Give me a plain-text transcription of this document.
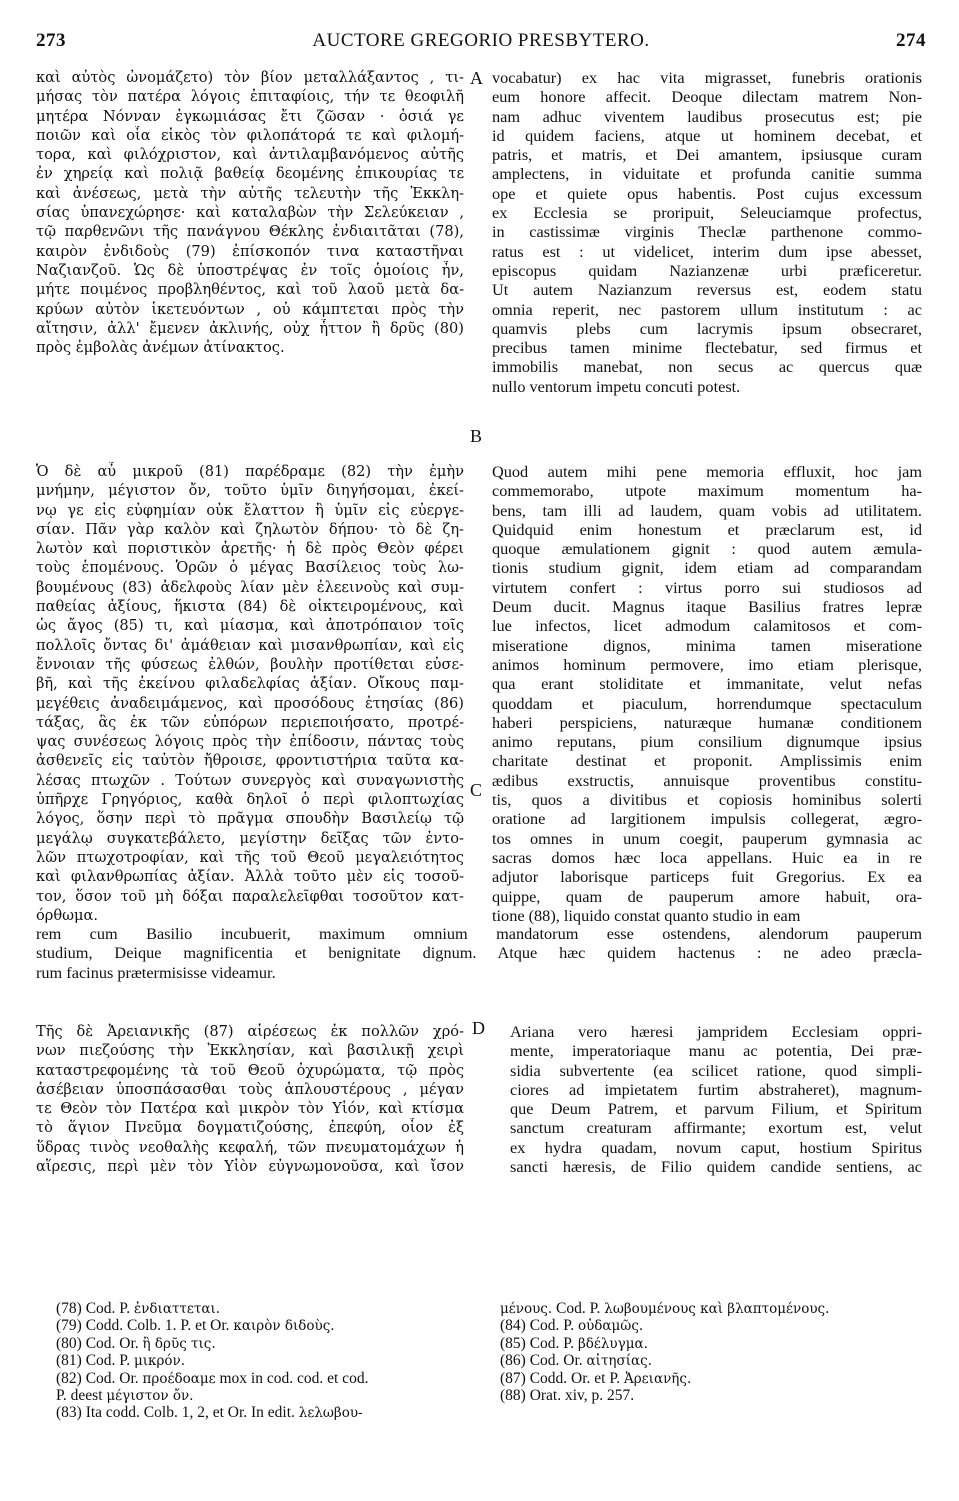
273	AUCTORE GREGORIO PRESBYTERO.	274
A
B
C
D
καὶ αὐτὸς ὠνομάζετο) τὸν βίον μεταλλάξαντος , τι-
μήσας τὸν πατέρα λόγοις ἐπιταφίοις, τήν τε θεοφιλῆ
μητέρα Νόνναν ἐγκωμιάσας ἔτι ζῶσαν · ὁσιά γε
ποιῶν καὶ οἷα εἰκὸς τὸν φιλοπάτορά τε καὶ φιλομή-
τορα, καὶ φιλόχριστον, καὶ ἀντιλαμβανόμενος αὐτῆς
ἐν χηρείᾳ καὶ πολιᾷ βαθείᾳ δεομένης ἐπικουρίας τε
καὶ ἀνέσεως, μετὰ τὴν αὐτῆς τελευτὴν τῆς Ἐκκλη-
σίας ὑπανεχώρησε· καὶ καταλαβὼν τὴν Σελεύκειαν ,
τῷ παρθενῶνι τῆς πανάγνου Θέκλης ἐνδιαιτᾶται (78),
καιρὸν ἐνδιδοὺς (79) ἐπίσκοπόν τινα καταστῆναι
Ναζιανζοῦ. Ὡς δὲ ὑποστρέψας ἐν τοῖς ὁμοίοις ἦν,
μήτε ποιμένος προβληθέντος, καὶ τοῦ λαοῦ μετὰ δα-
κρύων αὐτὸν ἱκετευόντων , οὐ κάμπτεται πρὸς τὴν
αἴτησιν, ἀλλ' ἔμενεν ἀκλινής, οὐχ ἧττον ἢ δρῦς (80)
πρὸς ἐμβολὰς ἀνέμων ἀτίνακτος.
vocabatur) ex hac vita migrasset, funebris orationis
eum honore affecit. Deoque dilectam matrem Non-
nam adhuc viventem laudibus prosecutus est; pie
id quidem faciens, atque ut hominem decebat, et
patris, et matris, et Dei amantem, ipsiusque curam
amplectens, in viduitate et profunda canitie summa
ope et quiete opus habentis. Post cujus excessum
ex Ecclesia se proripuit, Seleuciamque profectus,
in castissimæ virginis Theclæ parthenone commo-
ratus est : ut videlicet, interim dum ipse abesset,
episcopus quidam Nazianzenæ urbi præficeretur.
Ut autem Nazianzum reversus est, eodem statu
omnia reperit, nec pastorem ullum institutum : ac
quamvis plebs cum lacrymis ipsum obsecraret,
precibus tamen minime flectebatur, sed firmus et
immobilis manebat, non secus ac quercus quæ
nullo ventorum impetu concuti potest.
Ὁ δὲ αὖ μικροῦ (81) παρέδραμε (82) τὴν ἐμὴν
μνήμην, μέγιστον ὄν, τοῦτο ὑμῖν διηγήσομαι, ἐκεί-
νῳ γε εἰς εὐφημίαν οὐκ ἔλαττον ἢ ὑμῖν εἰς εὐεργε-
σίαν. Πᾶν γὰρ καλὸν καὶ ζηλωτὸν δήπου· τὸ δὲ ζη-
λωτὸν καὶ ποριστικὸν ἀρετῆς· ἡ δὲ πρὸς Θεὸν φέρει
τοὺς ἑπομένους. Ὁρῶν ὁ μέγας Βασίλειος τοὺς λω-
βουμένους (83) ἀδελφοὺς λίαν μὲν ἐλεεινοὺς καὶ συμ-
παθείας ἀξίους, ἥκιστα (84) δὲ οἰκτειρομένους, καὶ
ὡς ἄγος (85) τι, καὶ μίασμα, καὶ ἀποτρόπαιον τοῖς
πολλοῖς ὄντας δι' ἀμάθειαν καὶ μισανθρωπίαν, καὶ εἰς
ἔννοιαν τῆς φύσεως ἐλθών, βουλὴν προτίθεται εὐσε-
βῆ, καὶ τῆς ἐκείνου φιλαδελφίας ἀξίαν. Οἴκους παμ-
μεγέθεις ἀναδειμάμενος, καὶ προσόδους ἐτησίας (86)
τάξας, ἃς ἐκ τῶν εὐπόρων περιεποιήσατο, προτρέ-
ψας συνέσεως λόγοις πρὸς τὴν ἐπίδοσιν, πάντας τοὺς
ἀσθενεῖς εἰς ταὐτὸν ἤθροισε, φροντιστήρια ταῦτα κα-
λέσας πτωχῶν . Τούτων συνεργὸς καὶ συναγωνιστὴς
ὑπῆρχε Γρηγόριος, καθὰ δηλοῖ ὁ περὶ φιλοπτωχίας
λόγος, ὅσην περὶ τὸ πρᾶγμα σπουδὴν Βασιλείῳ τῷ
μεγάλῳ συγκατεβάλετο, μεγίστην δεῖξας τῶν ἐντο-
λῶν πτωχοτροφίαν, καὶ τῆς τοῦ Θεοῦ μεγαλειότητος
καὶ φιλανθρωπίας ἀξίαν. Ἀλλὰ τοῦτο μὲν εἰς τοσοῦ-
τον, ὅσον τοῦ μὴ δόξαι παραλελεῖφθαι τοσοῦτον κατ-
όρθωμα.
Quod autem mihi pene memoria effluxit, hoc jam
commemorabo, utpote maximum momentum ha-
bens, tam illi ad laudem, quam vobis ad utilitatem.
Quidquid enim honestum et præclarum est, id
quoque æmulationem gignit : quod autem æmula-
tionis studium gignit, idem etiam ad comparandam
virtutem confert : virtus porro sui studiosos ad
Deum ducit. Magnus itaque Basilius fratres lepræ
lue infectos, licet admodum calamitosos et com-
miseratione dignos, minima tamen miseratione
animos hominum permovere, imo etiam plerisque,
qua erant stoliditate et immanitate, velut nefas
quoddam et piaculum, horrendumque spectaculum
haberi perspiciens, naturæque humanæ conditionem
animo reputans, pium consilium dignumque ipsius
charitate destinat et proponit. Amplissimis enim
ædibus exstructis, annuisque proventibus constitu-
tis, quos a divitibus et copiosis hominibus solerti
oratione ad largitionem impulsis collegerat, ægro-
tos omnes in unum coegit, pauperum gymnasia ac
sacras domos hæc loca appellans. Huic ea in re
adjutor laborisque particeps fuit Gregorius. Ex ea
quippe, quam de pauperum amore habuit, ora-
tione (88), liquido constat quanto studio in eam
rem cum Basilio incubuerit, maximum omnium mandatorum esse ostendens, alendorum pauperum
studium, Deique magnificentia et benignitate dignum. Atque hæc quidem hactenus : ne adeo præcla-
rum facinus prætermisisse videamur.
Τῆς δὲ Ἀρειανικῆς (87) αἱρέσεως ἐκ πολλῶν χρό-
νων πιεζούσης τὴν Ἐκκλησίαν, καὶ βασιλικῇ χειρὶ
καταστρεφομένης τὰ τοῦ Θεοῦ ὀχυρώματα, τῷ πρὸς
ἀσέβειαν ὑποσπάσασθαι τοὺς ἁπλουστέρους , μέγαν
τε Θεὸν τὸν Πατέρα καὶ μικρὸν τὸν Υἱόν, καὶ κτίσμα
τὸ ἅγιον Πνεῦμα δογματιζούσης, ἐπεφύη, οἷον ἐξ
ὕδρας τινὸς νεοθαλὴς κεφαλή, τῶν πνευματομάχων ἡ
αἵρεσις, περὶ μὲν τὸν Υἱὸν εὐγνωμονοῦσα, καὶ ἴσον
Ariana vero hæresi jampridem Ecclesiam oppri-
mente, imperatoriaque manu ac potentia, Dei præ-
sidia subvertente (ea scilicet ratione, quod simpli-
ciores ad impietatem furtim abstraheret), magnum-
que Deum Patrem, et parvum Filium, et Spiritum
sanctum creaturam affirmante; exortum est, velut
ex hydra quadam, novum caput, hostium Spiritus
sancti hæresis, de Filio quidem candide sentiens, ac
(78) Cod. P. ἐνδιαττεται.
(79) Codd. Colb. 1. P. et Or. καιρὸν διδοὺς.
(80) Cod. Or. ἢ δρῦς τις.
(81) Cod. P. μικρόν.
(82) Cod. Or. προέδοαμε mox in cod. cod. et cod.
P. deest μέγιστον ὄν.
(83) Ita codd. Colb. 1, 2, et Or. In edit. λελωβου-
μένους. Cod. P. λωβουμένους καὶ βλαπτομένους.
(84) Cod. P. οὐδαμῶς.
(85) Cod. P. βδέλυγμα.
(86) Cod. Or. αἰτησίας.
(87) Codd. Or. et P. Ἀρειανῆς.
(88) Orat. xiv, p. 257.
